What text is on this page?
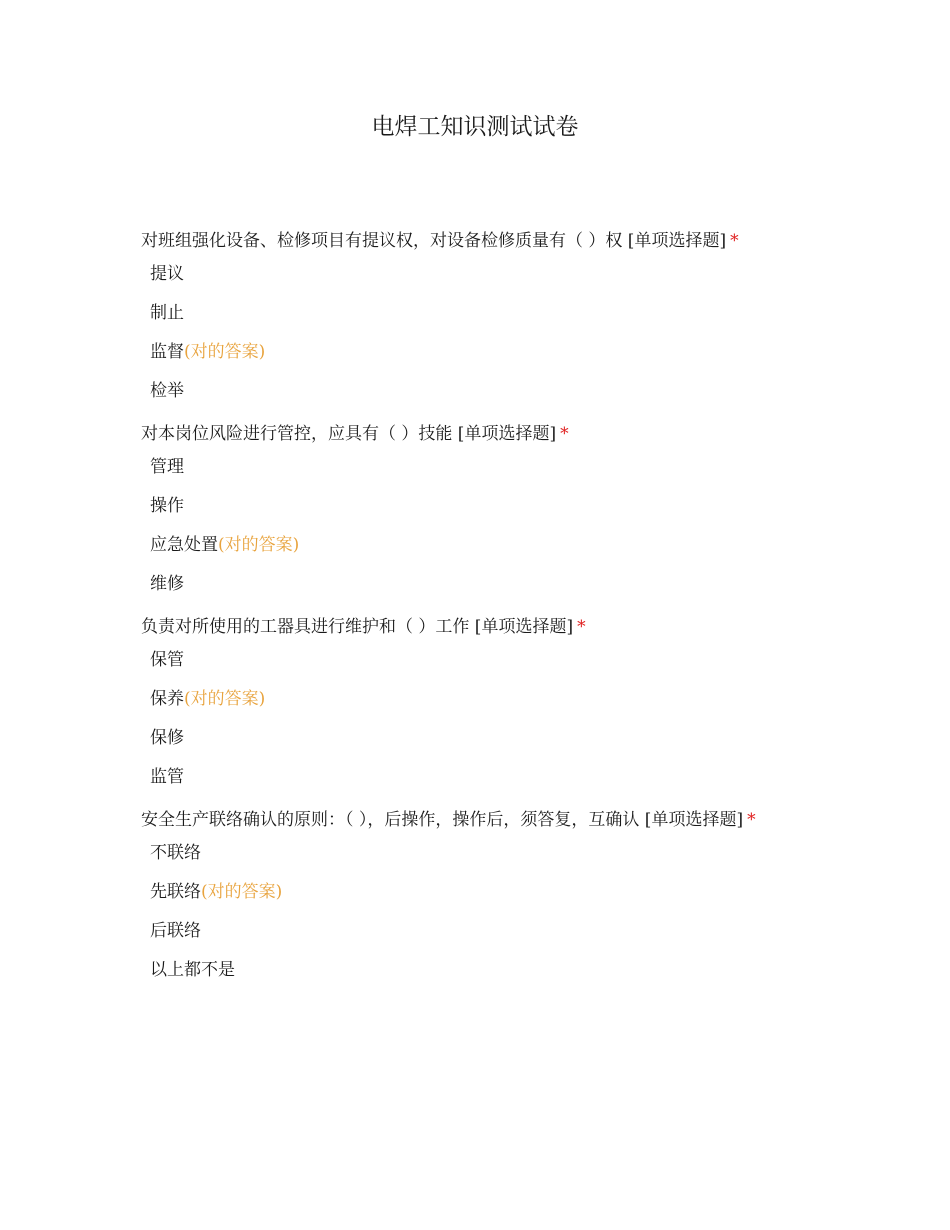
电焊工知识测试试卷
对班组强化设备、检修项目有提议权，对设备检修质量有（ ）权 [单项选择题] *
提议
制止
监督(对的答案)
检举
对本岗位风险进行管控，应具有（ ）技能 [单项选择题] *
管理
操作
应急处置(对的答案)
维修
负责对所使用的工器具进行维护和（ ）工作 [单项选择题] *
保管
保养(对的答案)
保修
监管
安全生产联络确认的原则：（ ），后操作，操作后，须答复，互确认 [单项选择题] *
不联络
先联络(对的答案)
后联络
以上都不是
